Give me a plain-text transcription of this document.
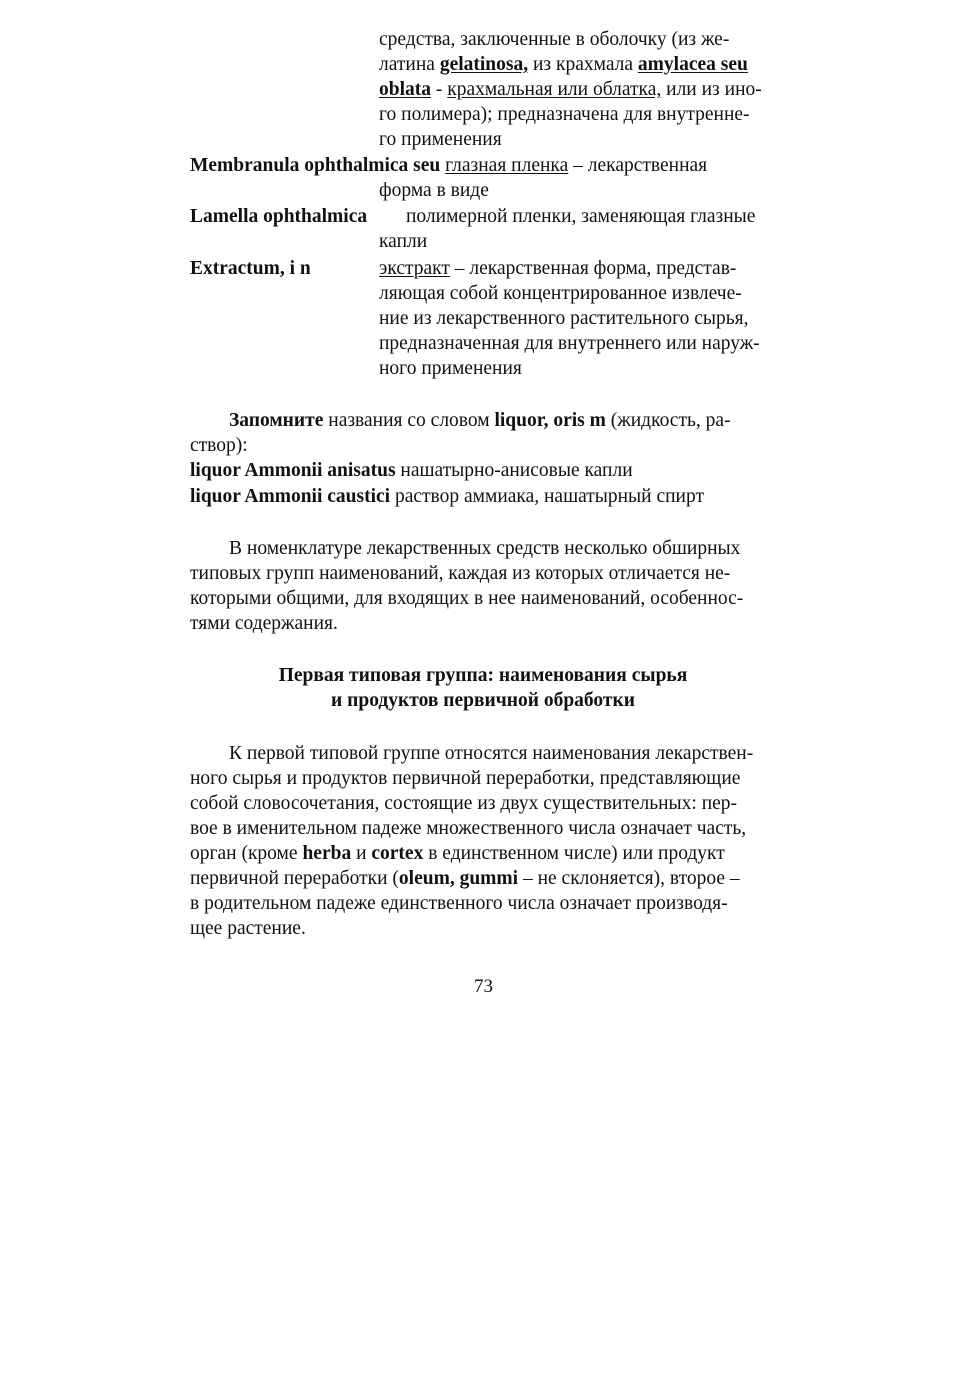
средства, заключенные в оболочку (из же-
латина gelatinosa, из крахмала amylacea seu
oblata - крахмальная или облатка, или из ино-
го полимера); предназначена для внутренне-
го применения
Membranula ophthalmica seu глазная пленка – лекарственная
форма в виде
Lamella ophthalmica полимерной пленки, заменяющая глазные
капли
Extractum, i n	экстракт – лекарственная форма, представ-
ляющая собой концентрированное извлече-
ние из лекарственного растительного сырья,
предназначенная для внутреннего или наруж-
ного применения
Запомните названия со словом liquor, oris m (жидкость, ра-
створ):
liquor Ammonii anisatus нашатырно-анисовые капли
liquor Ammonii caustici раствор аммиака, нашатырный спирт
В номенклатуре лекарственных средств несколько обширных
типовых групп наименований, каждая из которых отличается не-
которыми общими, для входящих в нее наименований, особеннос-
тями содержания.
Первая типовая группа: наименования сырья
и продуктов первичной обработки
К первой типовой группе относятся наименования лекарствен-
ного сырья и продуктов первичной переработки, представляющие
собой словосочетания, состоящие из двух существительных: пер-
вое в именительном падеже множественного числа означает часть,
орган (кроме herba и cortex в единственном числе) или продукт
первичной переработки (oleum, gummi – не склоняется), второе –
в родительном падеже единственного числа означает производя-
щее растение.
73
